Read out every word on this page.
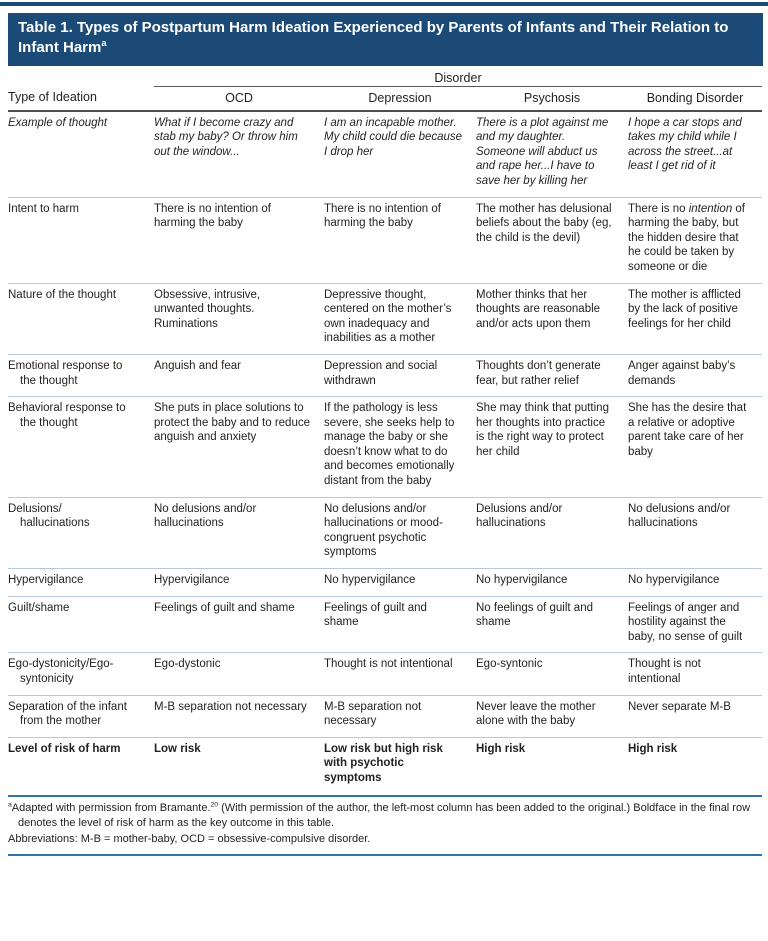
Table 1. Types of Postpartum Harm Ideation Experienced by Parents of Infants and Their Relation to Infant Harm$^a$
	Disorder			
Type of Ideation	OCD	Depression	Psychosis	Bonding Disorder
Example of thought	What if I become crazy and stab my baby? Or throw him out the window...	I am an incapable mother. My child could die because I drop her	There is a plot against me and my daughter. Someone will abduct us and rape her...I have to save her by killing her	I hope a car stops and takes my child while I across the street...at least I get rid of it
Intent to harm	There is no intention of harming the baby	There is no intention of harming the baby	The mother has delusional beliefs about the baby (eg, the child is the devil)	There is no intention of harming the baby, but the hidden desire that he could be taken by someone or die
Nature of the thought	Obsessive, intrusive, unwanted thoughts. Ruminations	Depressive thought, centered on the mother’s own inadequacy and inabilities as a mother	Mother thinks that her thoughts are reasonable and/or acts upon them	The mother is afflicted by the lack of positive feelings for her child
Emotional response to the thought	Anguish and fear	Depression and social withdrawn	Thoughts don’t generate fear, but rather relief	Anger against baby’s demands
Behavioral response to the thought	She puts in place solutions to protect the baby and to reduce anguish and anxiety	If the pathology is less severe, she seeks help to manage the baby or she doesn’t know what to do and becomes emotionally distant from the baby	She may think that putting her thoughts into practice is the right way to protect her child	She has the desire that a relative or adoptive parent take care of her baby
Delusions/​hallucinations	No delusions and/or hallucinations	No delusions and/or hallucinations or mood-congruent psychotic symptoms	Delusions and/or hallucinations	No delusions and/or hallucinations
Hypervigilance	Hypervigilance	No hypervigilance	No hypervigilance	No hypervigilance
Guilt/​shame	Feelings of guilt and shame	Feelings of guilt and shame	No feelings of guilt and shame	Feelings of anger and hostility against the baby, no sense of guilt
Ego-dystonicity/​Ego-syntonicity	Ego-dystonic	Thought is not intentional	Ego-syntonic	Thought is not intentional
Separation of the infant from the mother	M-B separation not necessary	M-B separation not necessary	Never leave the mother alone with the baby	Never separate M-B
Level of risk of harm	Low risk	Low risk but high risk with psychotic symptoms	High risk	High risk

$^a$Adapted with permission from Bramante.$^{20}$ (With permission of the author, the left-most column has been added to the original.) Boldface in the final row denotes the level of risk of harm as the key outcome in this table.

Abbreviations: M-B = mother-baby, OCD = obsessive-compulsive disorder.
